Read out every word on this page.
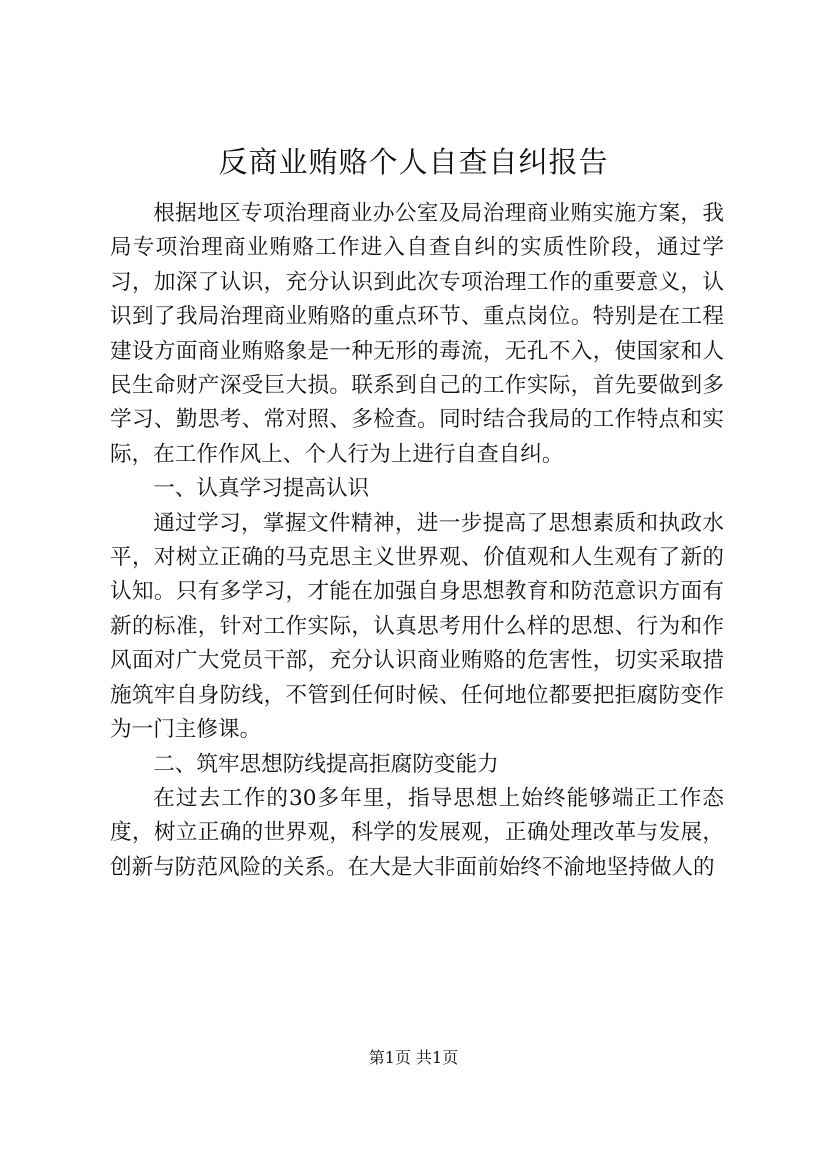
反商业贿赂个人自查自纠报告

根据地区专项治理商业办公室及局治理商业贿实施方案，我局专项治理商业贿赂工作进入自查自纠的实质性阶段，通过学习，加深了认识，充分认识到此次专项治理工作的重要意义，认识到了我局治理商业贿赂的重点环节、重点岗位。特别是在工程建设方面商业贿赂象是一种无形的毒流，无孔不入，使国家和人民生命财产深受巨大损。联系到自己的工作实际，首先要做到多学习、勤思考、常对照、多检查。同时结合我局的工作特点和实际，在工作作风上、个人行为上进行自查自纠。

一、认真学习提高认识

通过学习，掌握文件精神，进一步提高了思想素质和执政水平，对树立正确的马克思主义世界观、价值观和人生观有了新的认知。只有多学习，才能在加强自身思想教育和防范意识方面有新的标准，针对工作实际，认真思考用什么样的思想、行为和作风面对广大党员干部，充分认识商业贿赂的危害性，切实采取措施筑牢自身防线，不管到任何时候、任何地位都要把拒腐防变作为一门主修课。

二、筑牢思想防线提高拒腐防变能力

在过去工作的30多年里，指导思想上始终能够端正工作态度，树立正确的世界观，科学的发展观，正确处理改革与发展，创新与防范风险的关系。在大是大非面前始终不渝地坚持做人的

第1页 共1页
